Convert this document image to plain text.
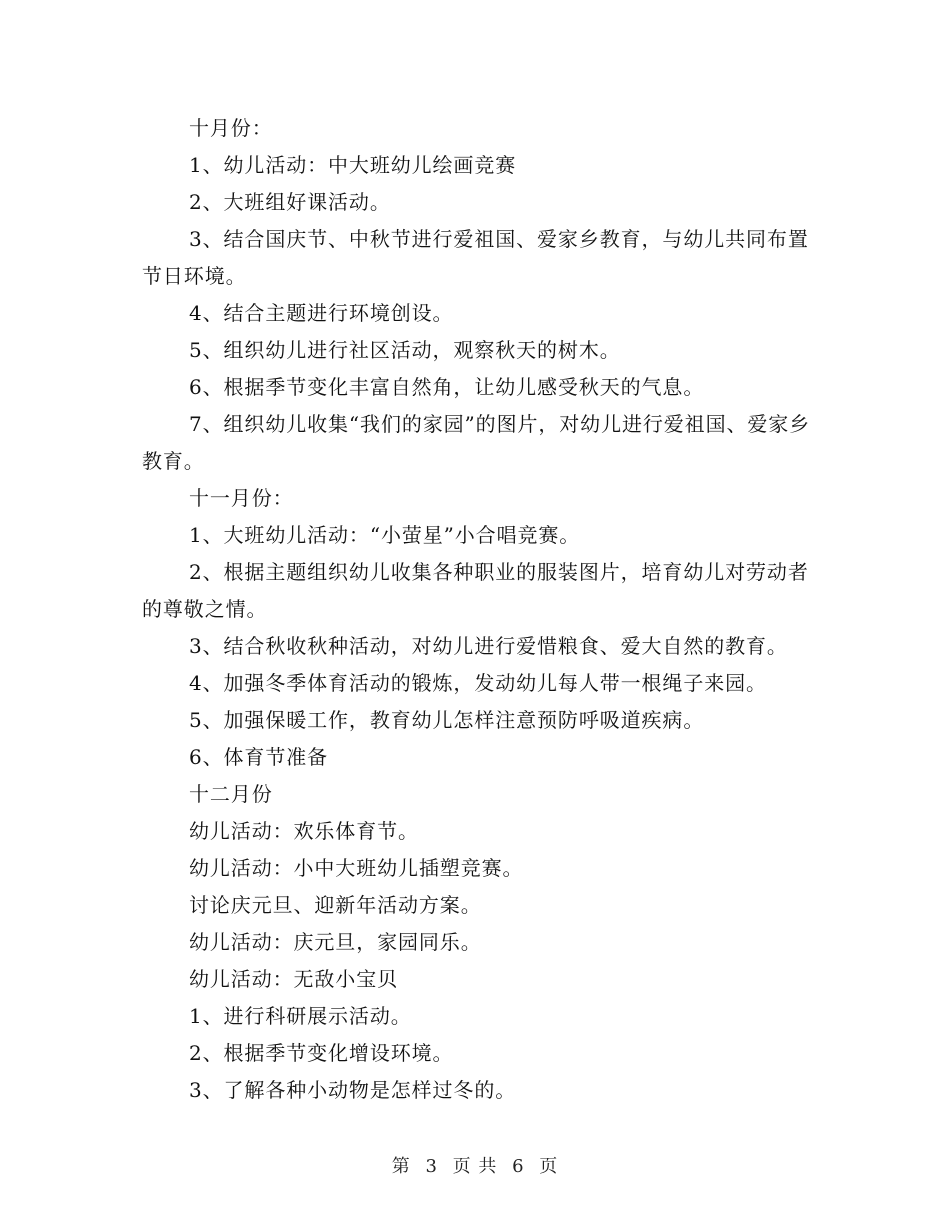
十月份：

1、幼儿活动：中大班幼儿绘画竞赛

2、大班组好课活动。

3、结合国庆节、中秋节进行爱祖国、爱家乡教育，与幼儿共同布置节日环境。

4、结合主题进行环境创设。

5、组织幼儿进行社区活动，观察秋天的树木。

6、根据季节变化丰富自然角，让幼儿感受秋天的气息。

7、组织幼儿收集“我们的家园”的图片，对幼儿进行爱祖国、爱家乡教育。

十一月份：

1、大班幼儿活动：“小萤星”小合唱竞赛。

2、根据主题组织幼儿收集各种职业的服装图片，培育幼儿对劳动者的尊敬之情。

3、结合秋收秋种活动，对幼儿进行爱惜粮食、爱大自然的教育。

4、加强冬季体育活动的锻炼，发动幼儿每人带一根绳子来园。

5、加强保暖工作，教育幼儿怎样注意预防呼吸道疾病。

6、体育节准备

十二月份

幼儿活动：欢乐体育节。

幼儿活动：小中大班幼儿插塑竞赛。

讨论庆元旦、迎新年活动方案。

幼儿活动：庆元旦，家园同乐。

幼儿活动：无敌小宝贝

1、进行科研展示活动。

2、根据季节变化增设环境。

3、了解各种小动物是怎样过冬的。

第 3 页 共 6 页
